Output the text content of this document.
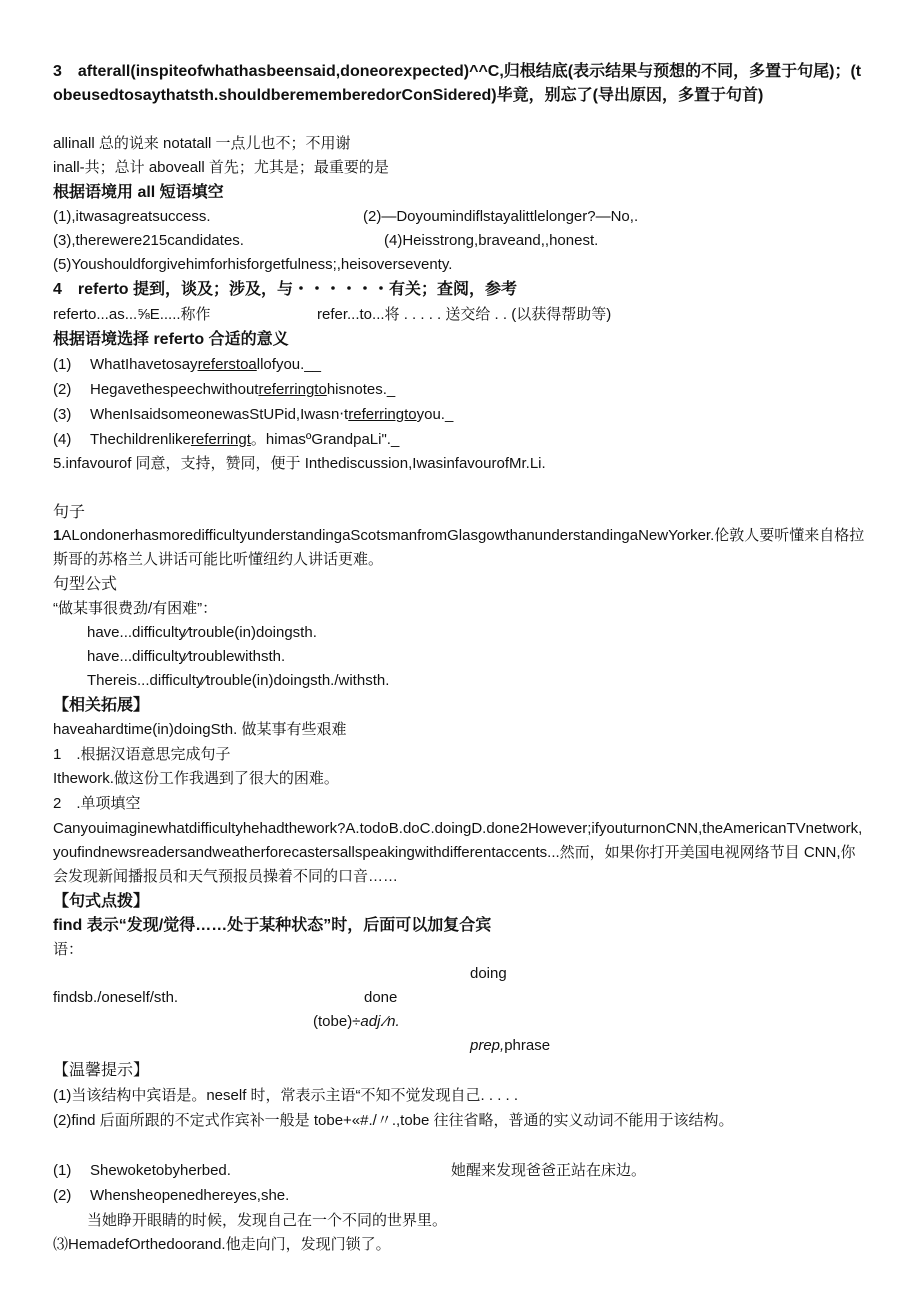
3 afterall(inspiteofwhathasbeensaid,doneorexpected)^^C,归根结底(表示结果与预想的不同，多置于句尾)；(tobeusedtosaythatsth.shouldberememberedorConSidered)毕竟，别忘了(导出原因，多置于句首)
allinall 总的说来 notatall 一点儿也不；不用谢
inall-共；总计 aboveall 首先；尤其是；最重要的是
根据语境用 all 短语填空
(1),itwasagreatsuccess.	(2)—Doyoumindiflstayalittlelonger?—No,.
(3),therewere215candidates.	(4)Heisstrong,braveand,,honest.
(5)Youshouldforgivehimforhisforgetfulness;,heisoverseventy.
4 referto 提到，谈及；涉及，与・・・・・・有关；查阅，参考
referto...as...⅝E.....称作	refer...to...将 . . . . . 送交给 . . (以获得帮助等)
根据语境选择 referto 合适的意义
(1) WhatIhavetosayreferstoallofyou.__
(2) Hegavethespeechwithoutreferringtohisnotes._
(3) WhenIsaidsomeonewasStUPid,Iwasn‧treferringtoyou._
(4) Thechildrenlikereferringt。himasºGrandpaLi"._
5.infavourof 同意，支持，赞同，便于 Inthediscussion,IwasinfavourofMr.Li.
句子
1ALondonerhasmoredifficultyunderstandingaScotsmanfromGlasgowthanunderstandingaNewYorker.伦敦人要听懂来自格拉斯哥的苏格兰人讲话可能比听懂纽约人讲话更难。
句型公式
“做某事很费劲/有困难”：
have...difficulty⁄trouble(in)doingsth.
have...difficulty⁄troublewithsth.
Thereis...difficulty⁄trouble(in)doingsth./withsth.
【相关拓展】
haveahardtime(in)doingSth. 做某事有些艰难
1 .根据汉语意思完成句子
Ithework.做这份工作我遇到了很大的困难。
2 .单项填空
Canyouimaginewhatdifficultyhehadthework?A.todoB.doC.doingD.done2However;ifyouturnonCNN,theAmericanTVnetwork,youfindnewsreadersandweatherforecastersallspeakingwithdifferentaccents...然而，如果你打开美国电视网络节目 CNN,你会发现新闻播报员和天气预报员操着不同的口音……
【句式点拨】
find 表示“发现/觉得……处于某种状态”时，后面可以加复合宾
语：
doing
findsb./oneself/sth.	done
(tobe)÷adj.⁄n.
prep,phrase
【温馨提示】
(1)当该结构中宾语是。neself 时，常表示主语“不知不觉发现自己. . . . .
(2)find 后面所跟的不定式作宾补一般是 tobe+«#./〃.,tobe 往往省略，普通的实义动词不能用于该结构。
(1) Shewoketobyherbed.	她醒来发现爸爸正站在床边。
(2) Whensheopenedhereyes,she.
当她睁开眼睛的时候，发现自己在一个不同的世界里。
⑶HemadefOrthedoorand.他走向门，发现门锁了。
